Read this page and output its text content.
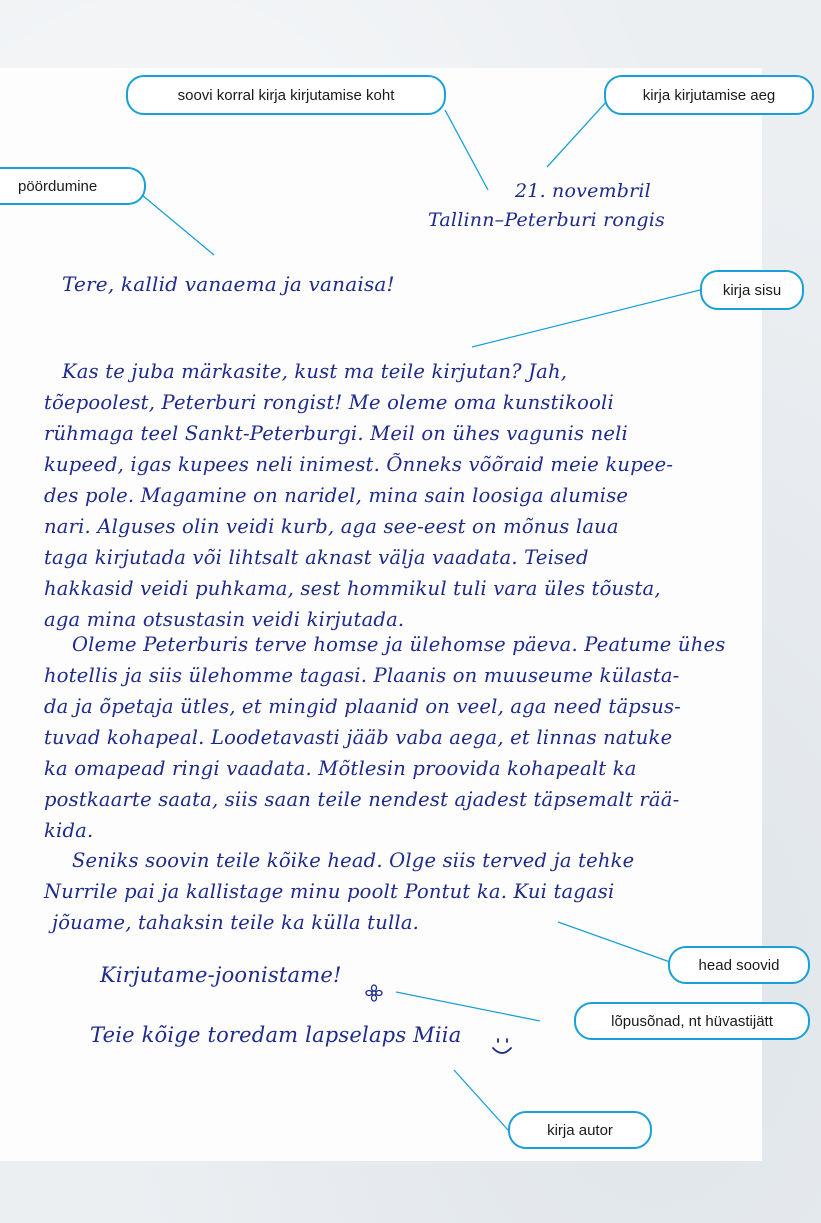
soovi korral kirja kirjutamise koht	kirja kirjutamise aeg
pöördumine
kirja sisu
head soovid
lõpusõnad, nt hüvastijätt
kirja autor
21. novembril
Tallinn–Peterburi rongis
Tere, kallid vanaema ja vanaisa!
Kas te juba märkasite, kust ma teile kirjutan? Jah,
tõepoolest, Peterburi rongist! Me oleme oma kunstikooli
rühmaga teel Sankt-Peterburgi. Meil on ühes vagunis neli
kupeed, igas kupees neli inimest. Õnneks võõraid meie kupee-
des pole. Magamine on naridel, mina sain loosiga alumise
nari. Alguses olin veidi kurb, aga see-eest on mõnus laua
taga kirjutada või lihtsalt aknast välja vaadata. Teised
hakkasid veidi puhkama, sest hommikul tuli vara üles tõusta,
aga mina otsustasin veidi kirjutada.
Oleme Peterburis terve homse ja ülehomse päeva. Peatume ühes
hotellis ja siis ülehomme tagasi. Plaanis on muuseume külasta-
da ja õpetaja ütles, et mingid plaanid on veel, aga need täpsus-
tuvad kohapeal. Loodetavasti jääb vaba aega, et linnas natuke
ka omapead ringi vaadata. Mõtlesin proovida kohapealt ka
postkaarte saata, siis saan teile nendest ajadest täpsemalt rää-
kida.
Seniks soovin teile kõike head. Olge siis terved ja tehke
Nurrile pai ja kallistage minu poolt Pontut ka. Kui tagasi
jõuame, tahaksin teile ka külla tulla.
Kirjutame-joonistame!
Teie kõige toredam lapselaps Miia
